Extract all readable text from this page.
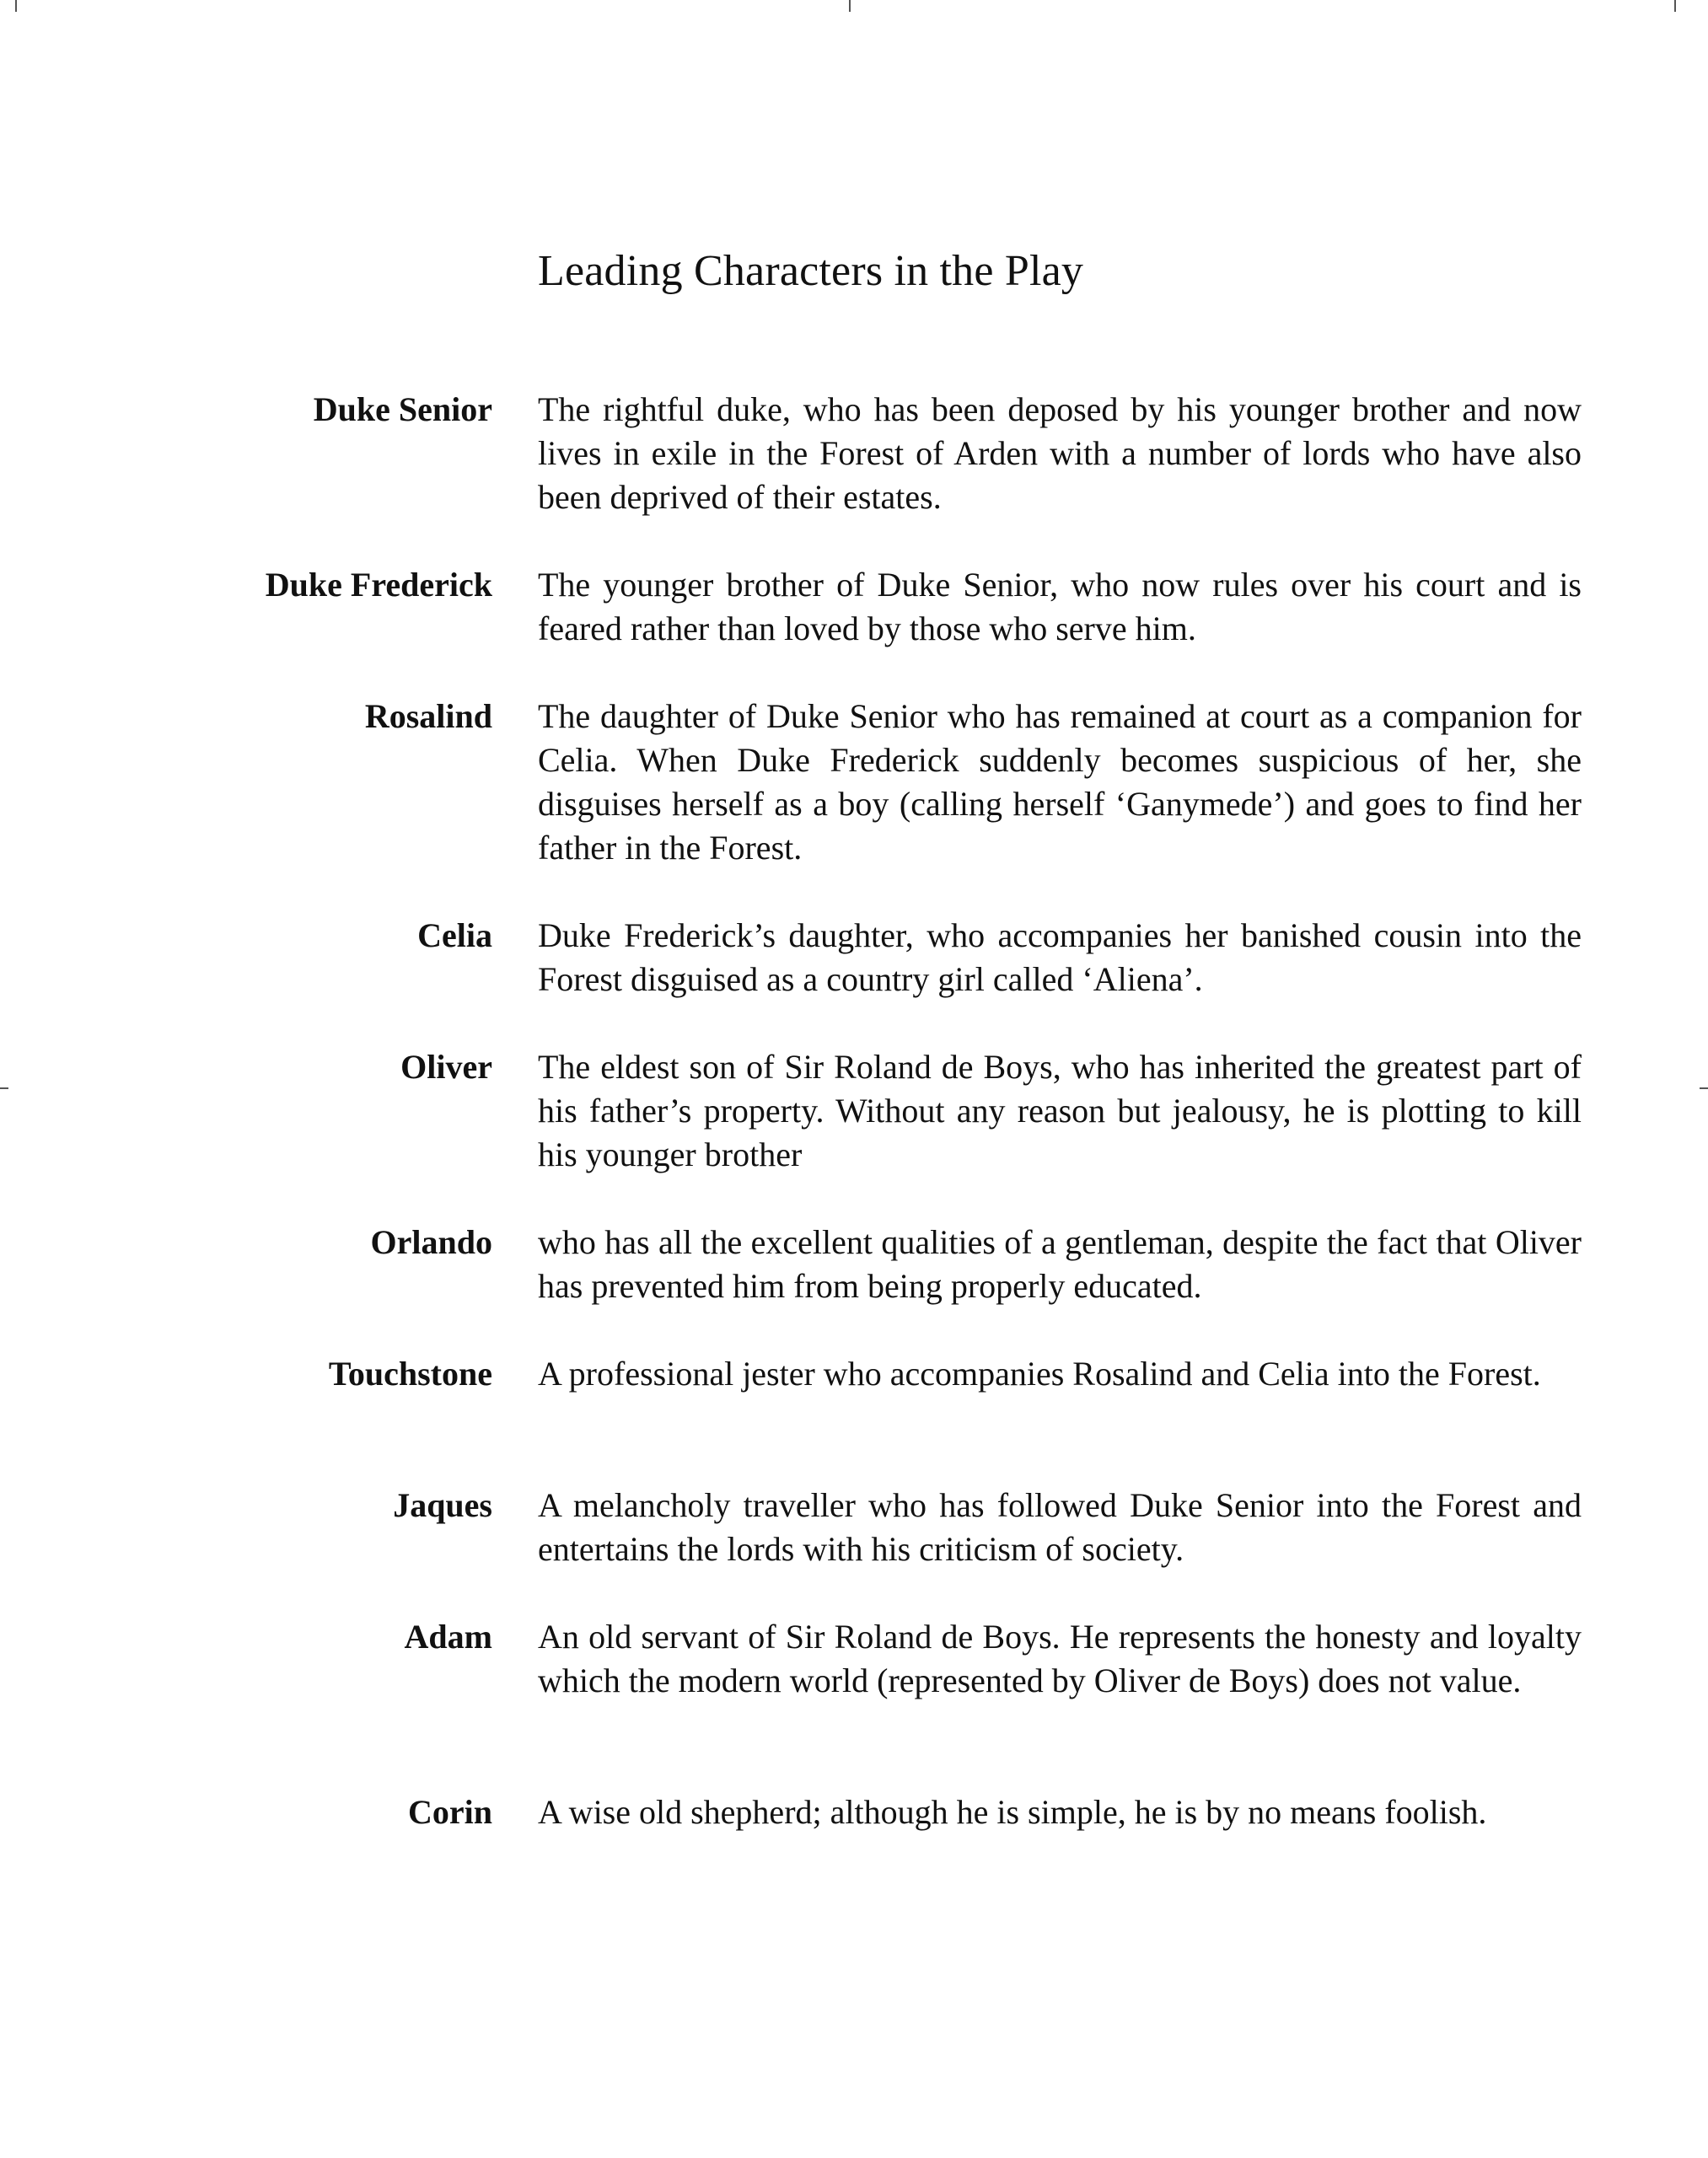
Leading Characters in the Play
Duke Senior The rightful duke, who has been deposed by his younger brother and now lives in exile in the Forest of Arden with a number of lords who have also been deprived of their estates.

Duke Frederick The younger brother of Duke Senior, who now rules over his court and is feared rather than loved by those who serve him.

Rosalind The daughter of Duke Senior who has remained at court as a companion for Celia. When Duke Frederick suddenly becomes suspicious of her, she disguises herself as a boy (calling herself ‘Ganymede’) and goes to find her father in the Forest.

Celia Duke Frederick’s daughter, who accompanies her banished cousin into the Forest disguised as a country girl called ‘Aliena’.

Oliver The eldest son of Sir Roland de Boys, who has inherited the greatest part of his father’s property. Without any reason but jealousy, he is plotting to kill his younger brother

Orlando who has all the excellent qualities of a gentleman, despite the fact that Oliver has prevented him from being properly educated.

Touchstone A professional jester who accompanies Rosalind and Celia into the Forest.

Jaques A melancholy traveller who has followed Duke Senior into the Forest and entertains the lords with his criticism of society.

Adam An old servant of Sir Roland de Boys. He represents the honesty and loyalty which the modern world (represented by Oliver de Boys) does not value.

Corin A wise old shepherd; although he is simple, he is by no means foolish.
